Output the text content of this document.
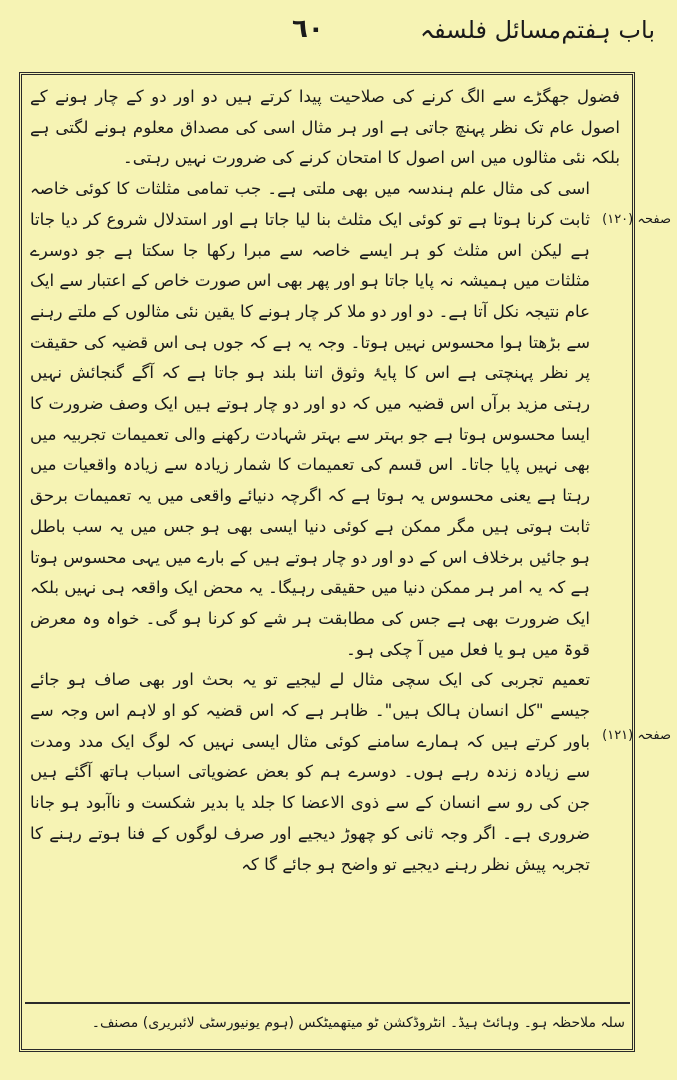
باب ہفتم
٦٠	مسائل فلسفہ
صفحہ (١٢٠)
صفحہ (١٢١)

فضول جھگڑے سے الگ کرنے کی صلاحیت پیدا کرتے ہیں دو اور دو کے چار ہونے کے اصول عام تک نظر پہنچ جاتی ہے اور ہر مثال اسی کی مصداق معلوم ہونے لگتی ہے بلکہ نئی مثالوں میں اس اصول کا امتحان کرنے کی ضرورت نہیں رہتی۔

اسی کی مثال علم ہندسہ میں بھی ملتی ہے۔ جب تمامی مثلثات کا کوئی خاصہ ثابت کرنا ہوتا ہے تو کوئی ایک مثلث بنا لیا جاتا ہے اور استدلال شروع کر دیا جاتا ہے لیکن اس مثلث کو ہر ایسے خاصہ سے مبرا رکھا جا سکتا ہے جو دوسرے مثلثات میں ہمیشہ نہ پایا جاتا ہو اور پھر بھی اس صورت خاص کے اعتبار سے ایک عام نتیجہ نکل آتا ہے۔ دو اور دو ملا کر چار ہونے کا یقین نئی مثالوں کے ملتے رہنے سے بڑھتا ہوا محسوس نہیں ہوتا۔ وجہ یہ ہے کہ جوں ہی اس قضیہ کی حقیقت پر نظر پہنچتی ہے اس کا پایۂ وثوق اتنا بلند ہو جاتا ہے کہ آگے گنجائش نہیں رہتی مزید برآں اس قضیہ میں کہ دو اور دو چار ہوتے ہیں ایک وصف ضرورت کا ایسا محسوس ہوتا ہے جو بہتر سے بہتر شہادت رکھنے والی تعمیمات تجربیہ میں بھی نہیں پایا جاتا۔ اس قسم کی تعمیمات کا شمار زیادہ سے زیادہ واقعیات میں رہتا ہے یعنی محسوس یہ ہوتا ہے کہ اگرچہ دنیائے واقعی میں یہ تعمیمات برحق ثابت ہوتی ہیں مگر ممکن ہے کوئی دنیا ایسی بھی ہو جس میں یہ سب باطل ہو جائیں برخلاف اس کے دو اور دو چار ہوتے ہیں کے بارے میں یہی محسوس ہوتا ہے کہ یہ امر ہر ممکن دنیا میں حقیقی رہیگا۔ یہ محض ایک واقعہ ہی نہیں بلکہ ایک ضرورت بھی ہے جس کی مطابقت ہر شے کو کرنا ہو گی۔ خواہ وہ معرض قوۃ میں ہو یا فعل میں آ چکی ہو۔

تعمیم تجربی کی ایک سچی مثال لے لیجیے تو یہ بحث اور بھی صاف ہو جائے جیسے "کل انسان ہالک ہیں"۔ ظاہر ہے کہ اس قضیہ کو او لاہم اس وجہ سے باور کرتے ہیں کہ ہمارے سامنے کوئی مثال ایسی نہیں کہ لوگ ایک مدد ومدت سے زیادہ زندہ رہے ہوں۔ دوسرے ہم کو بعض عضویاتی اسباب ہاتھ آگئے ہیں جن کی رو سے انسان کے سے ذوی الاعضا کا جلد یا بدیر شکست و ناآبود ہو جانا ضروری ہے۔ اگر وجہ ثانی کو چھوڑ دیجیے اور صرف لوگوں کے فنا ہوتے رہنے کا تجربہ پیش نظر رہنے دیجیے تو واضح ہو جائے گا کہ

سلہ ملاحظہ ہو۔ وہائٹ ہیڈ۔ انٹروڈکشن ٹو میتھمیٹکس (ہوم یونیورسٹی لائبریری) مصنف۔
